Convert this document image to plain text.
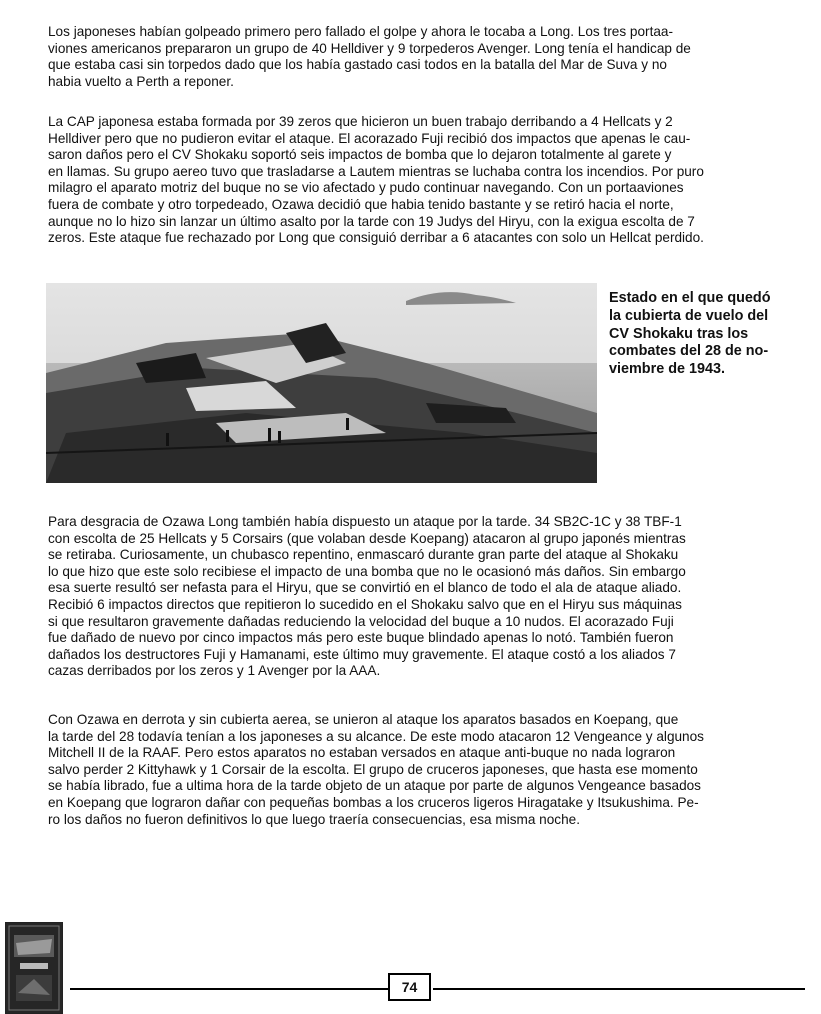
Los japoneses habían golpeado primero pero fallado el golpe y ahora le tocaba a Long. Los tres portaa-
viones americanos prepararon un grupo de 40 Helldiver y 9 torpederos Avenger. Long tenía el handicap de
que estaba casi sin torpedos dado que los había gastado casi todos en la batalla del Mar de Suva y no
habia vuelto a Perth a reponer.
La CAP japonesa estaba formada por 39 zeros que hicieron un buen trabajo derribando a 4 Hellcats y 2
Helldiver pero que no pudieron evitar el ataque. El acorazado Fuji recibió dos impactos que apenas le cau-
saron daños pero el CV Shokaku soportó seis impactos de bomba que lo dejaron totalmente al garete y
en llamas. Su grupo aereo tuvo que trasladarse a Lautem mientras se luchaba contra los incendios. Por puro
milagro el aparato motriz del buque no se vio afectado y pudo continuar navegando. Con un portaaviones
fuera de combate y otro torpedeado, Ozawa decidió que habia tenido bastante y se retiró hacia el norte,
aunque no lo hizo sin lanzar un último asalto por la tarde con 19 Judys del Hiryu, con la exigua escolta de 7
zeros. Este ataque fue rechazado por Long que consiguió derribar a 6 atacantes con solo un Hellcat perdido.
Estado en el que quedó
la cubierta de vuelo del
CV Shokaku tras los
combates del 28 de no-
viembre de 1943.
Para desgracia de Ozawa Long también había dispuesto un ataque por la tarde. 34 SB2C-1C y 38 TBF-1
con escolta de 25 Hellcats y 5 Corsairs (que volaban desde Koepang) atacaron al grupo japonés mientras
se retiraba. Curiosamente, un chubasco repentino, enmascaró durante gran parte del ataque al Shokaku
lo que hizo que este solo recibiese el impacto de una bomba que no le ocasionó más daños. Sin embargo
esa suerte resultó ser nefasta para el Hiryu, que se convirtió en el blanco de todo el ala de ataque aliado.
Recibió 6 impactos directos que repitieron lo sucedido en el Shokaku salvo que en el Hiryu sus máquinas
si que resultaron gravemente dañadas reduciendo la velocidad del buque a 10 nudos. El acorazado Fuji
fue dañado de nuevo por cinco impactos más pero este buque blindado apenas lo notó. También fueron
dañados los destructores Fuji y Hamanami, este último muy gravemente. El ataque costó a los aliados 7
cazas derribados por los zeros y 1 Avenger por la AAA.
Con Ozawa en derrota y sin cubierta aerea, se unieron al ataque los aparatos basados en Koepang, que
la tarde del 28 todavía tenían a los japoneses a su alcance. De este modo atacaron 12 Vengeance y algunos
Mitchell II de la RAAF. Pero estos aparatos no estaban versados en ataque anti-buque no nada lograron
salvo perder 2 Kittyhawk y 1 Corsair de la escolta. El grupo de cruceros japoneses, que hasta ese momento
se había librado, fue a ultima hora de la tarde objeto de un ataque por parte de algunos Vengeance basados
en Koepang que lograron dañar con pequeñas bombas a los cruceros ligeros Hiragatake y Itsukushima. Pe-
ro los daños no fueron definitivos lo que luego traería consecuencias, esa misma noche.
74
